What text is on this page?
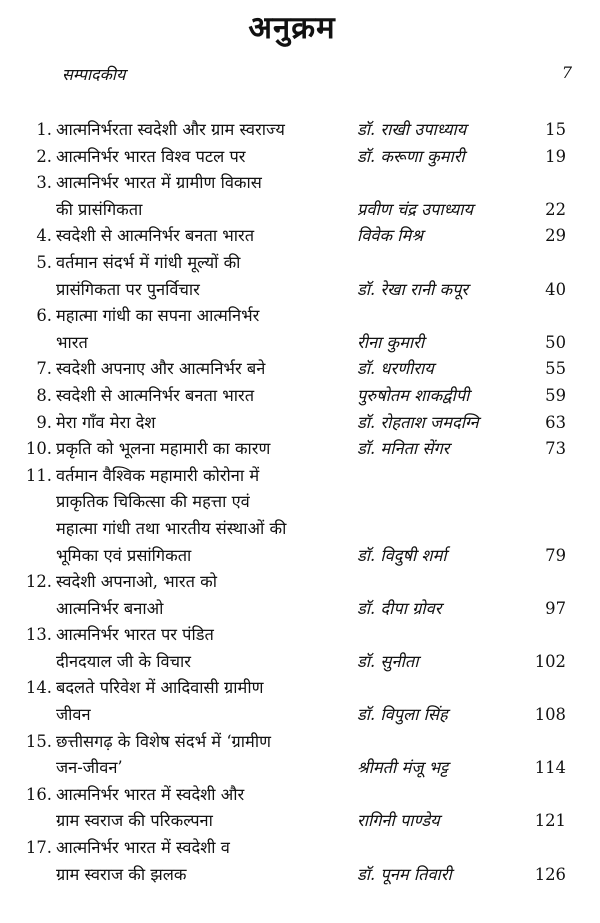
अनुक्रम
सम्पादकीय	7
1. आत्मनिर्भरता स्वदेशी और ग्राम स्वराज्य	डॉ. राखी उपाध्याय	15
2. आत्मनिर्भर भारत विश्व पटल पर	डॉ. करूणा कुमारी	19
3. आत्मनिर्भर भारत में ग्रामीण विकास
की प्रासंगिकता	प्रवीण चंद्र उपाध्याय	22
4. स्वदेशी से आत्मनिर्भर बनता भारत	विवेक मिश्र	29
5. वर्तमान संदर्भ में गांधी मूल्यों की
प्रासंगिकता पर पुनर्विचार	डॉ. रेखा रानी कपूर	40
6. महात्मा गांधी का सपना आत्मनिर्भर
भारत	रीना कुमारी	50
7. स्वदेशी अपनाए और आत्मनिर्भर बने	डॉ. धरणीराय	55
8. स्वदेशी से आत्मनिर्भर बनता भारत	पुरुषोतम शाकद्वीपी	59
9. मेरा गाँव मेरा देश	डॉ. रोहताश जमदग्नि	63
10. प्रकृति को भूलना महामारी का कारण	डॉ. मनिता सेंगर	73
11. वर्तमान वैश्विक महामारी कोरोना में
प्राकृतिक चिकित्सा की महत्ता एवं
महात्मा गांधी तथा भारतीय संस्थाओं की
भूमिका एवं प्रसांगिकता	डॉ. विदुषी शर्मा	79
12. स्वदेशी अपनाओ, भारत को
आत्मनिर्भर बनाओ	डॉ. दीपा ग्रोवर	97
13. आत्मनिर्भर भारत पर पंडित
दीनदयाल जी के विचार	डॉ. सुनीता	102
14. बदलते परिवेश में आदिवासी ग्रामीण
जीवन	डॉ. विपुला सिंह	108
15. छत्तीसगढ़ के विशेष संदर्भ में ‘ग्रामीण
जन-जीवन’	श्रीमती मंजू भट्ट	114
16. आत्मनिर्भर भारत में स्वदेशी और
ग्राम स्वराज की परिकल्पना	रागिनी पाण्डेय	121
17. आत्मनिर्भर भारत में स्वदेशी व
ग्राम स्वराज की झलक	डॉ. पूनम तिवारी	126
